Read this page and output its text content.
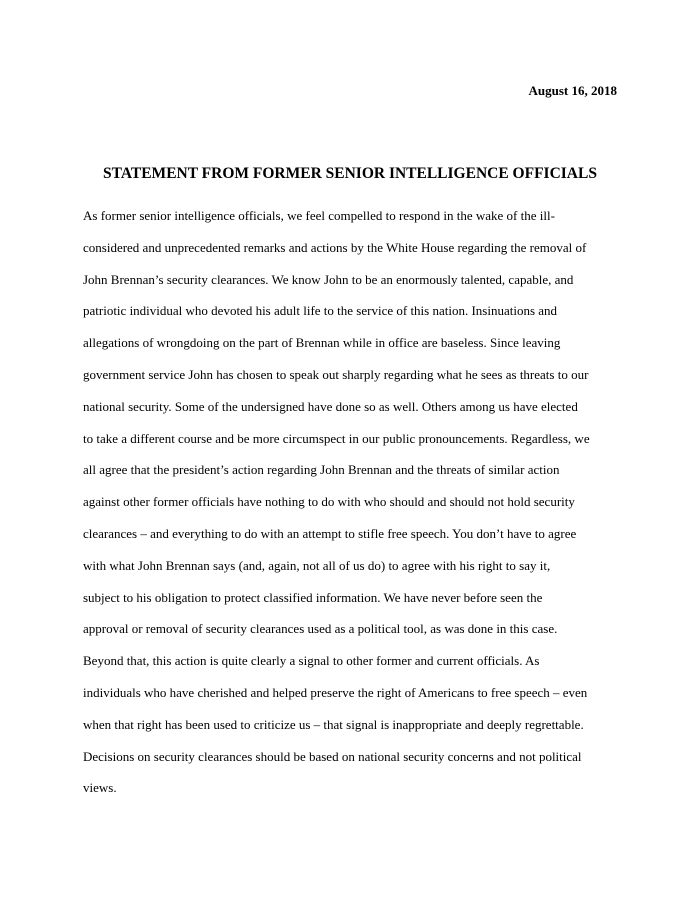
August 16, 2018
STATEMENT FROM FORMER SENIOR INTELLIGENCE OFFICIALS
As former senior intelligence officials, we feel compelled to respond in the wake of the ill-
considered and unprecedented remarks and actions by the White House regarding the removal of
John Brennan’s security clearances. We know John to be an enormously talented, capable, and
patriotic individual who devoted his adult life to the service of this nation. Insinuations and
allegations of wrongdoing on the part of Brennan while in office are baseless. Since leaving
government service John has chosen to speak out sharply regarding what he sees as threats to our
national security. Some of the undersigned have done so as well. Others among us have elected
to take a different course and be more circumspect in our public pronouncements. Regardless, we
all agree that the president’s action regarding John Brennan and the threats of similar action
against other former officials have nothing to do with who should and should not hold security
clearances – and everything to do with an attempt to stifle free speech. You don’t have to agree
with what John Brennan says (and, again, not all of us do) to agree with his right to say it,
subject to his obligation to protect classified information. We have never before seen the
approval or removal of security clearances used as a political tool, as was done in this case.
Beyond that, this action is quite clearly a signal to other former and current officials. As
individuals who have cherished and helped preserve the right of Americans to free speech – even
when that right has been used to criticize us – that signal is inappropriate and deeply regrettable.
Decisions on security clearances should be based on national security concerns and not political
views.
